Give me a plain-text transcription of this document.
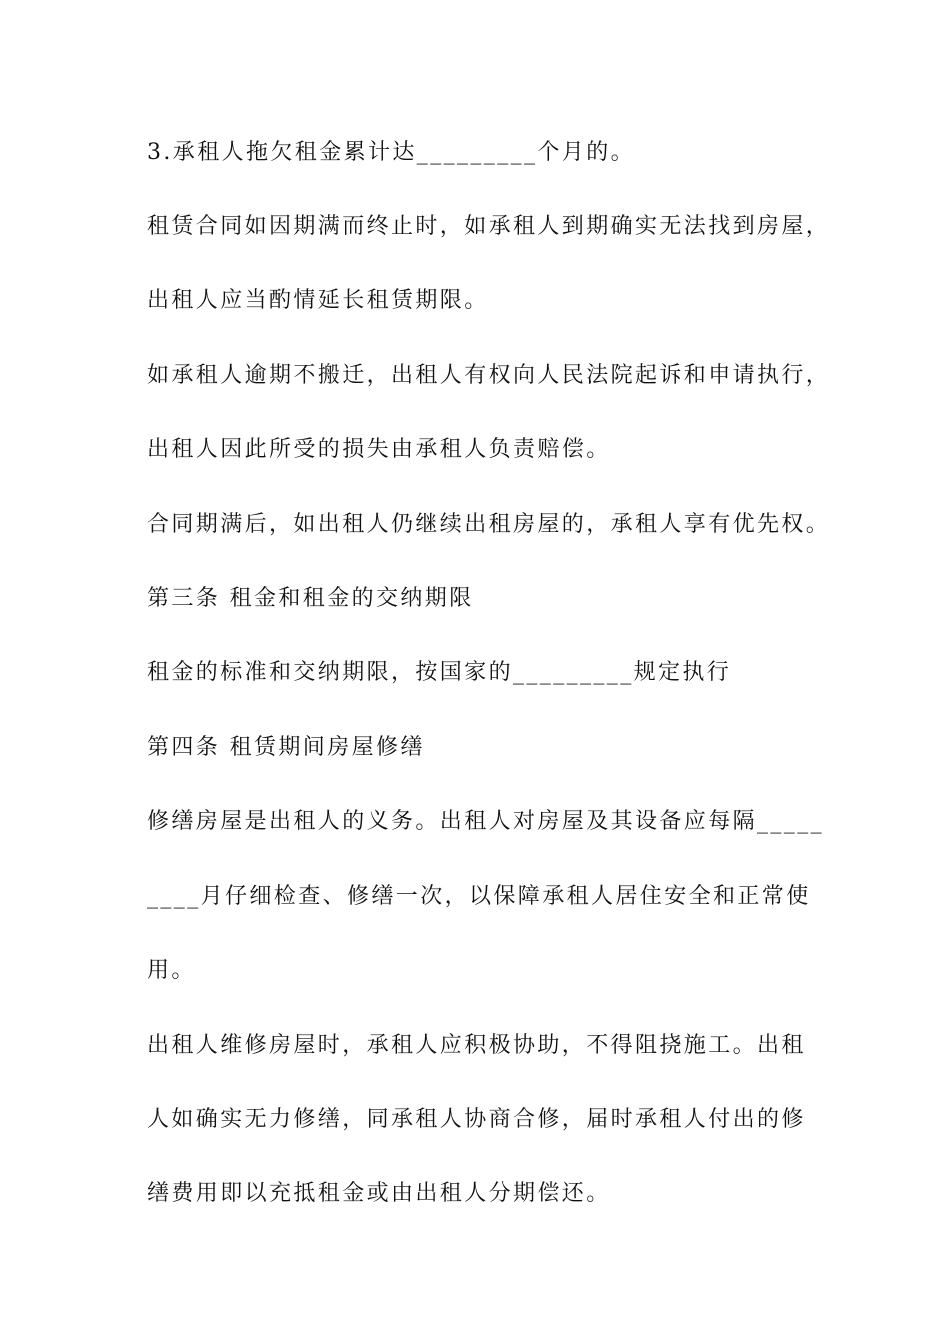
3.承租人拖欠租金累计达_________个月的。

租赁合同如因期满而终止时，如承租人到期确实无法找到房屋，

出租人应当酌情延长租赁期限。

如承租人逾期不搬迁，出租人有权向人民法院起诉和申请执行，

出租人因此所受的损失由承租人负责赔偿。

合同期满后，如出租人仍继续出租房屋的，承租人享有优先权。

第三条 租金和租金的交纳期限

租金的标准和交纳期限，按国家的_________规定执行

第四条 租赁期间房屋修缮

修缮房屋是出租人的义务。出租人对房屋及其设备应每隔_____

____月仔细检查、修缮一次，以保障承租人居住安全和正常使

用。

出租人维修房屋时，承租人应积极协助，不得阻挠施工。出租

人如确实无力修缮，同承租人协商合修，届时承租人付出的修

缮费用即以充抵租金或由出租人分期偿还。
